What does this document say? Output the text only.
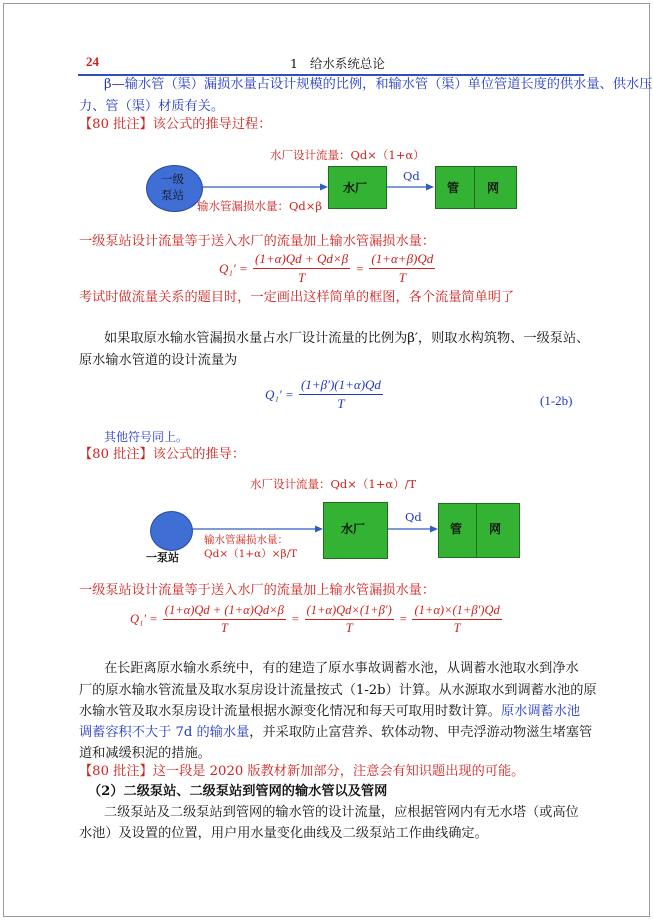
24	1 给水系统总论
β—输水管（渠）漏损水量占设计规模的比例，和输水管（渠）单位管道长度的供水量、供水压
力、管（渠）材质有关。
【80 批注】该公式的推导过程：
水厂设计流量：Qd×（1+α）
一级
泵站
输水管漏损水量：Qd×β
水厂
Qd
管 网
一级泵站设计流量等于送入水厂的流量加上输水管漏损水量：
$Q_1' = \frac{(1+\alpha)Qd + Qd\times\beta}{T} = \frac{(1+\alpha+\beta)Qd}{T}$
考试时做流量关系的题目时，一定画出这样简单的框图，各个流量简单明了
如果取原水输水管漏损水量占水厂设计流量的比例为β′，则取水构筑物、一级泵站、
原水输水管道的设计流量为
$Q_1' = \frac{(1+\beta')(1+\alpha)Qd}{T}$	(1-2b)
其他符号同上。
【80 批注】该公式的推导：
水厂设计流量：Qd×（1+α）/T
一泵站
输水管漏损水量：
Qd×（1+α）×β/T
水厂
Qd
管 网
一级泵站设计流量等于送入水厂的流量加上输水管漏损水量：
$Q_1' = \frac{(1+\alpha)Qd + (1+\alpha)Qd\times\beta}{T} = \frac{(1+\alpha)Qd\times(1+\beta')}{T} = \frac{(1+\alpha)\times(1+\beta')Qd}{T}$
在长距离原水输水系统中，有的建造了原水事故调蓄水池，从调蓄水池取水到净水
厂的原水输水管流量及取水泵房设计流量按式（1-2b）计算。从水源取水到调蓄水池的原
水输水管及取水泵房设计流量根据水源变化情况和每天可取用时数计算。原水调蓄水池
调蓄容积不大于 7d 的输水量，并采取防止富营养、软体动物、甲壳浮游动物滋生堵塞管
道和减缓积泥的措施。
【80 批注】这一段是 2020 版教材新加部分，注意会有知识题出现的可能。
（2）二级泵站、二级泵站到管网的输水管以及管网
二级泵站及二级泵站到管网的输水管的设计流量，应根据管网内有无水塔（或高位
水池）及设置的位置，用户用水量变化曲线及二级泵站工作曲线确定。
